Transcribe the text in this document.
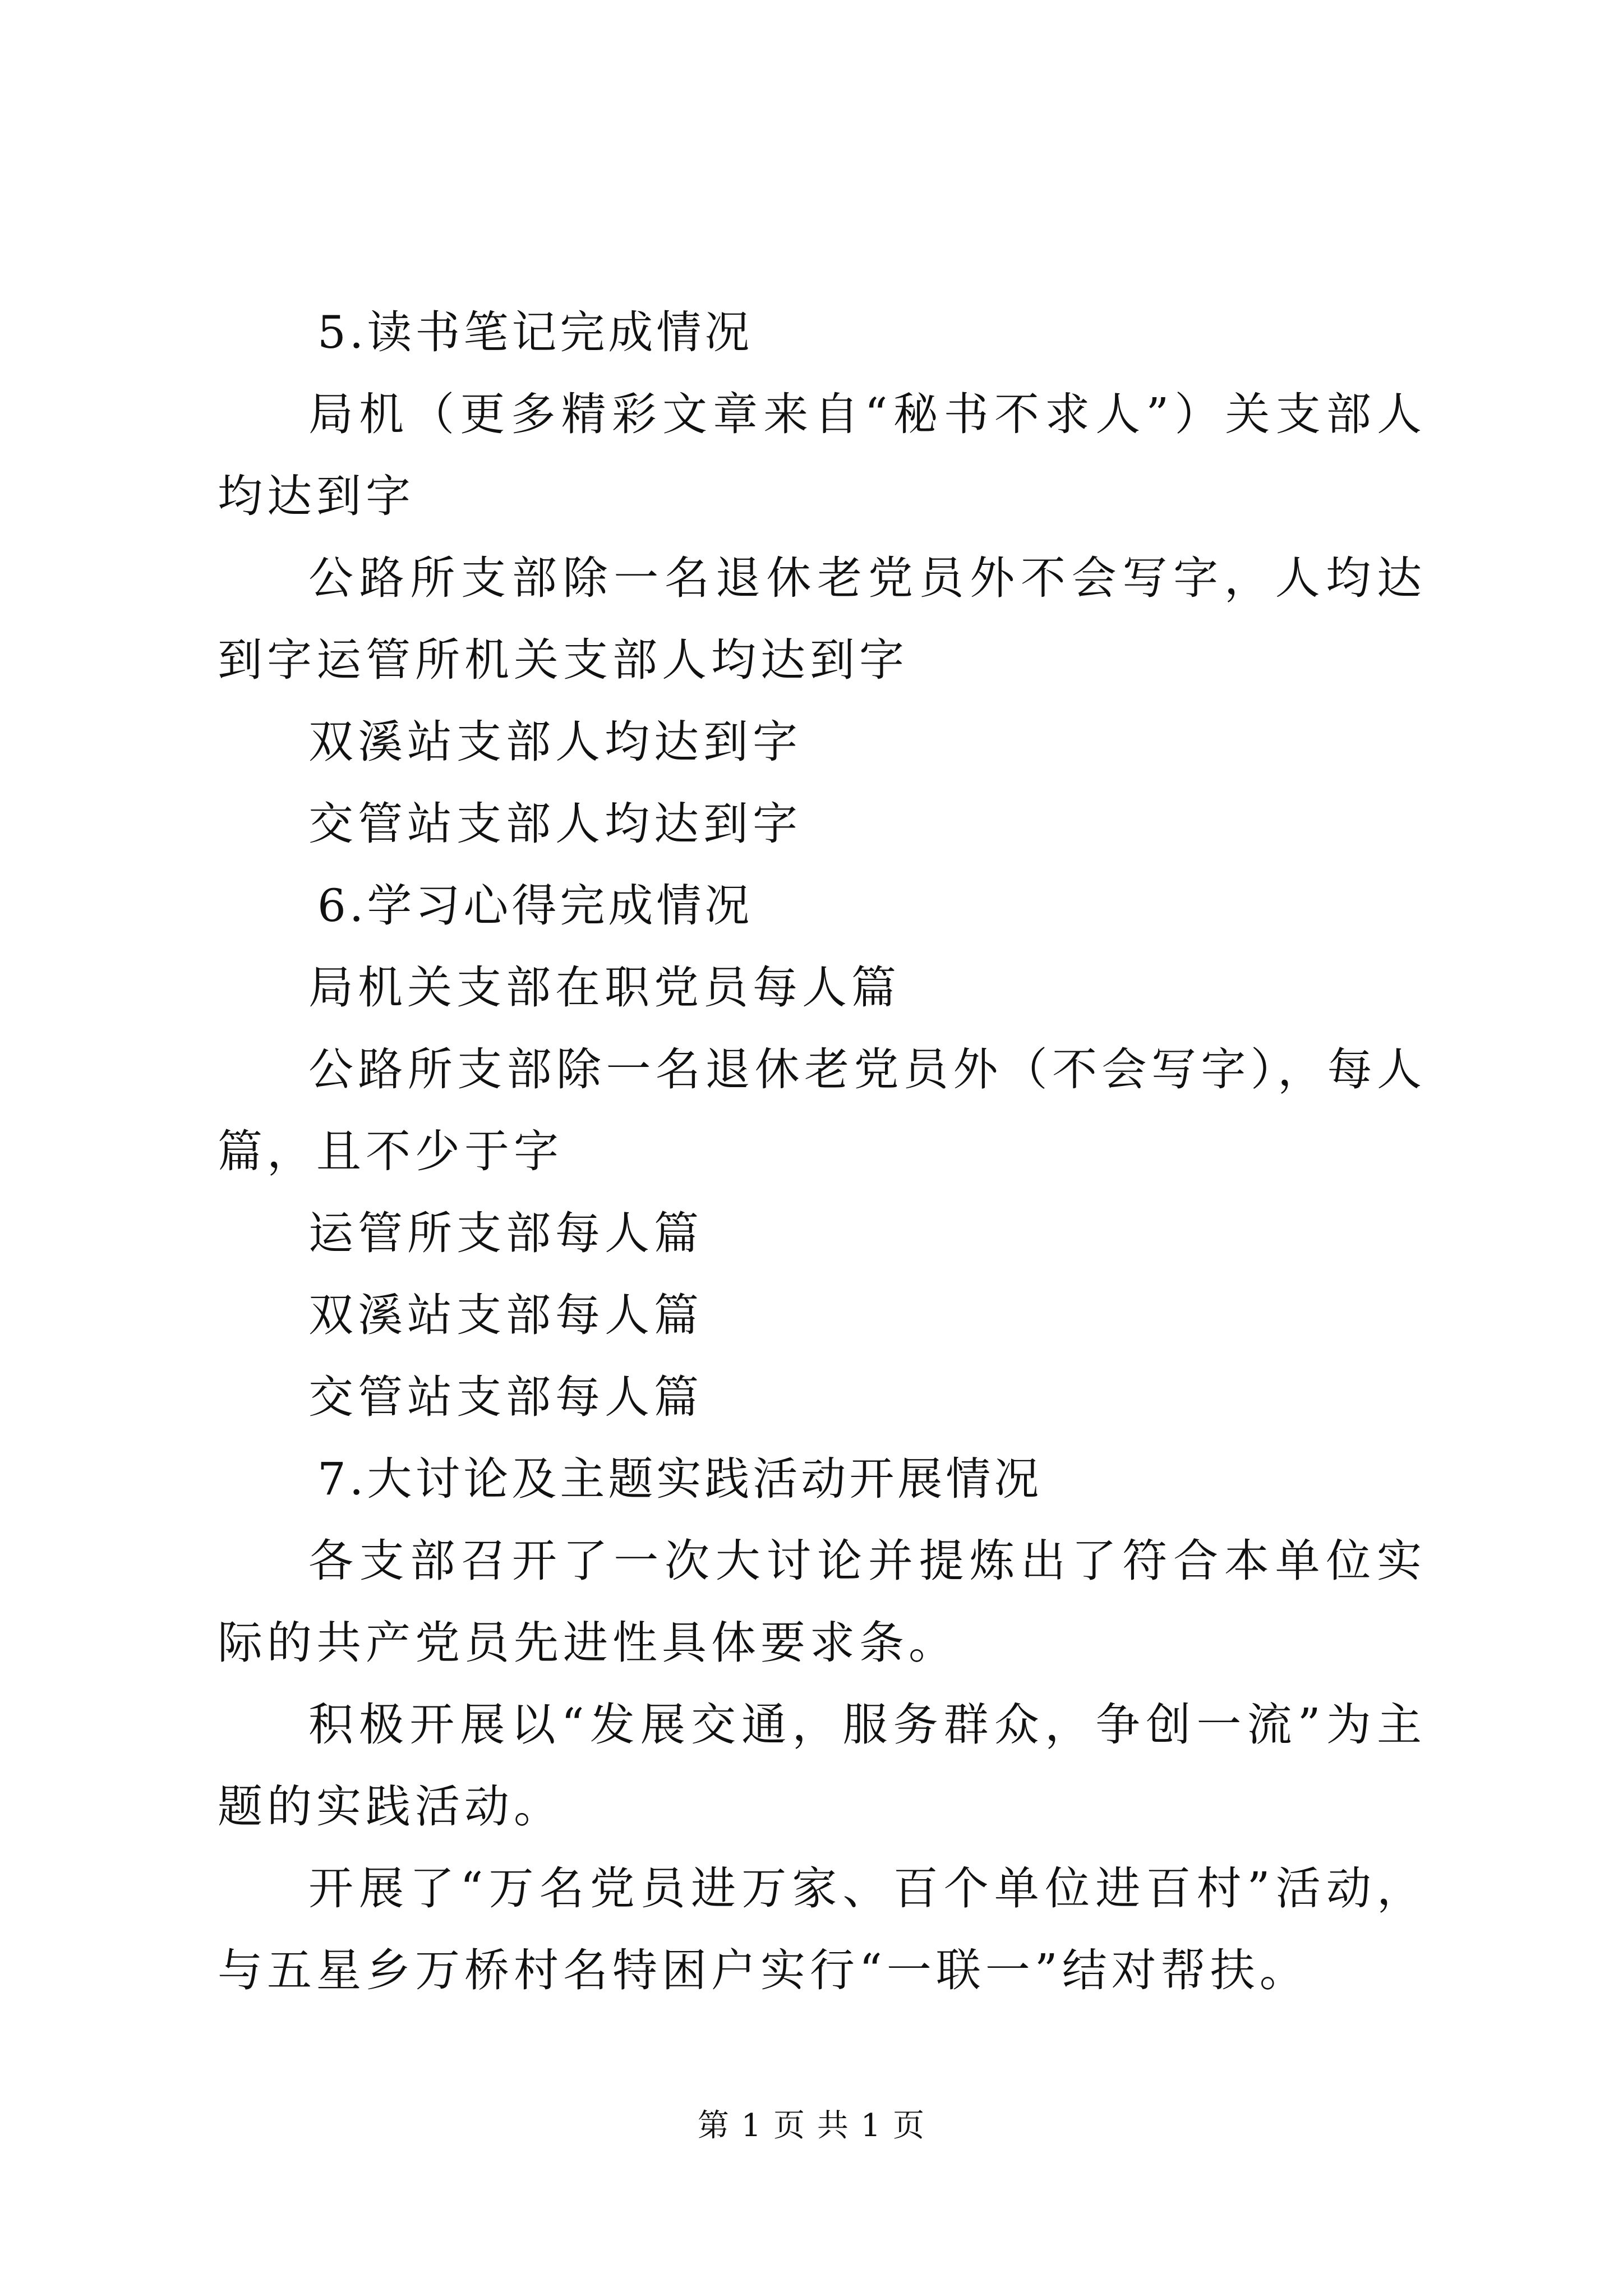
5.读书笔记完成情况

局机（更多精彩文章来自“秘书不求人”）关支部人均达到字

公路所支部除一名退休老党员外不会写字，人均达到字运管所机关支部人均达到字

双溪站支部人均达到字

交管站支部人均达到字

6.学习心得完成情况

局机关支部在职党员每人篇

公路所支部除一名退休老党员外（不会写字），每人篇，且不少于字

运管所支部每人篇

双溪站支部每人篇

交管站支部每人篇

7.大讨论及主题实践活动开展情况

各支部召开了一次大讨论并提炼出了符合本单位实际的共产党员先进性具体要求条。

积极开展以“发展交通，服务群众，争创一流”为主题的实践活动。

开展了“万名党员进万家、百个单位进百村”活动，与五星乡万桥村名特困户实行“一联一”结对帮扶。

第 1 页 共 1 页
